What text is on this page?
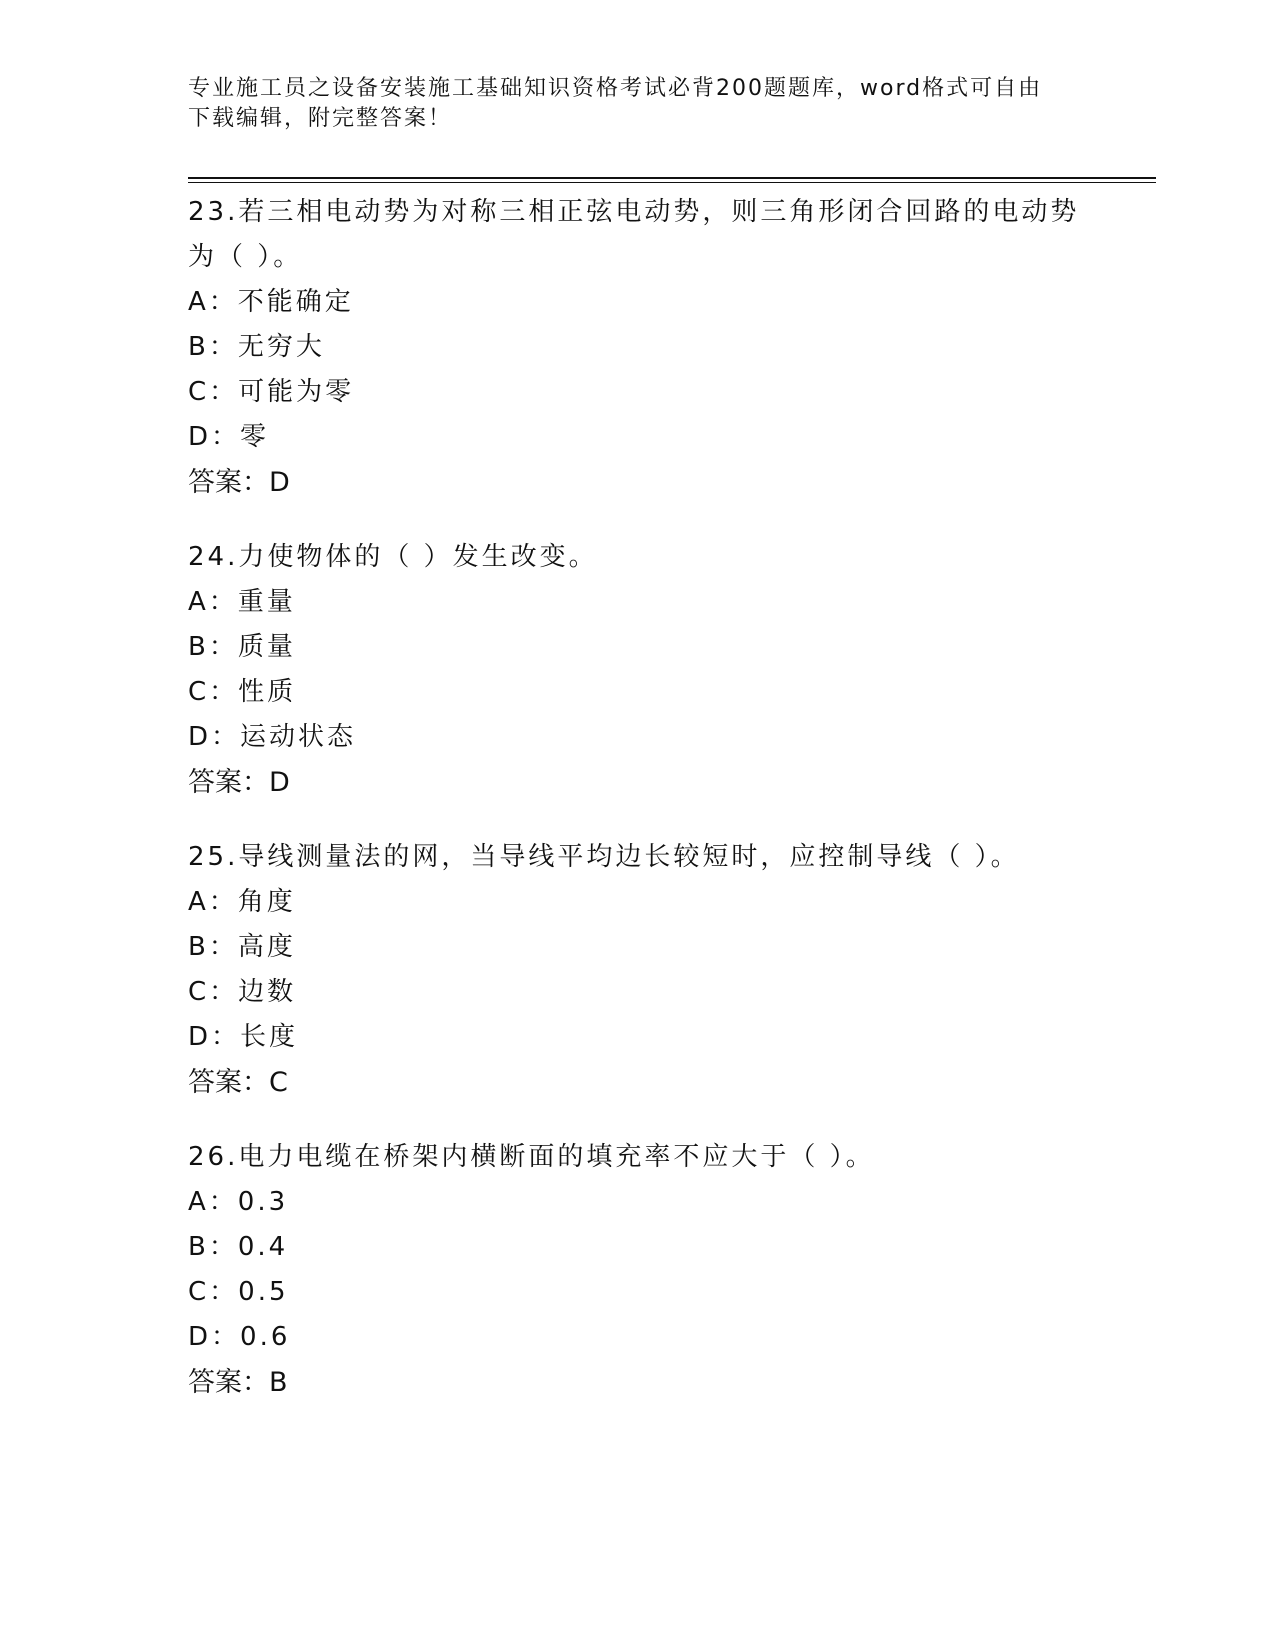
专业施工员之设备安装施工基础知识资格考试必背200题题库，word格式可自由
下载编辑，附完整答案！
23.若三相电动势为对称三相正弦电动势，则三角形闭合回路的电动势
为（ ）。
A：不能确定
B：无穷大
C：可能为零
D：零
答案：D
24.力使物体的（ ）发生改变。
A：重量
B：质量
C：性质
D：运动状态
答案：D
25.导线测量法的网，当导线平均边长较短时，应控制导线（ ）。
A：角度
B：高度
C：边数
D：长度
答案：C
26.电力电缆在桥架内横断面的填充率不应大于（ ）。
A：0.3
B：0.4
C：0.5
D：0.6
答案：B
